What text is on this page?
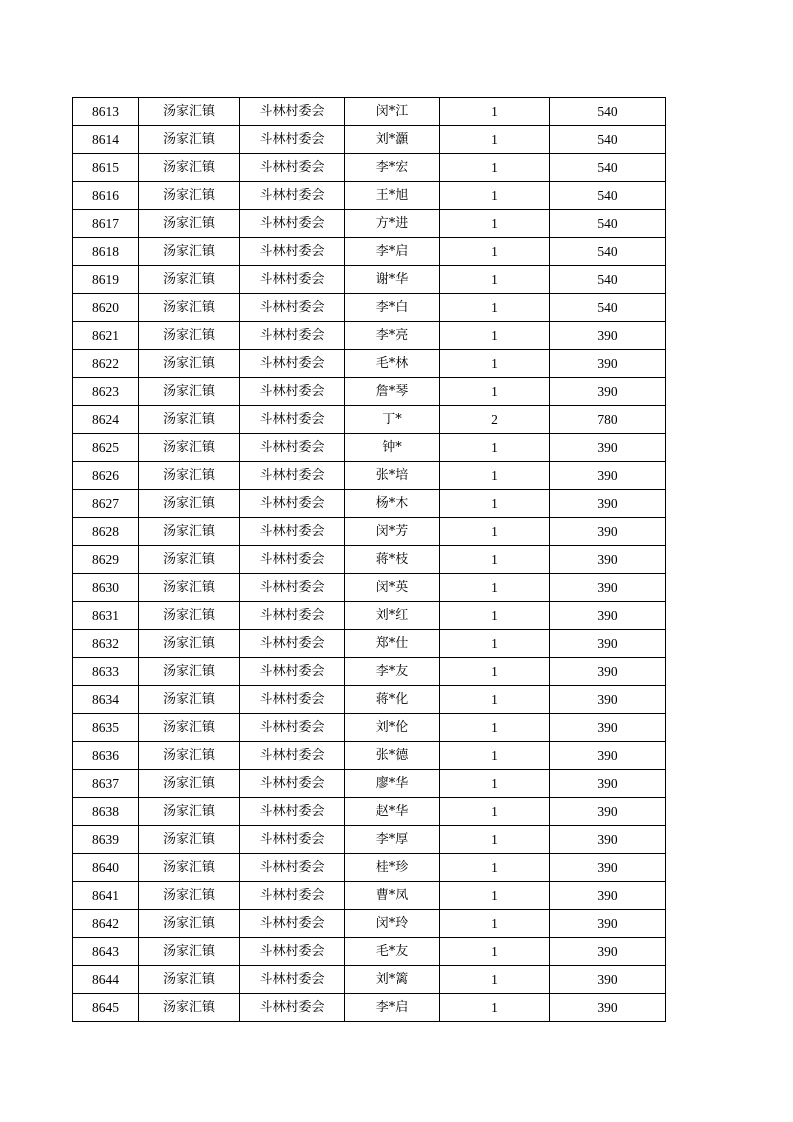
8613	汤家汇镇	斗林村委会	闵*江	1	540
8614	汤家汇镇	斗林村委会	刘*灝	1	540
8615	汤家汇镇	斗林村委会	李*宏	1	540
8616	汤家汇镇	斗林村委会	王*旭	1	540
8617	汤家汇镇	斗林村委会	方*进	1	540
8618	汤家汇镇	斗林村委会	李*启	1	540
8619	汤家汇镇	斗林村委会	谢*华	1	540
8620	汤家汇镇	斗林村委会	李*白	1	540
8621	汤家汇镇	斗林村委会	李*亮	1	390
8622	汤家汇镇	斗林村委会	毛*林	1	390
8623	汤家汇镇	斗林村委会	詹*琴	1	390
8624	汤家汇镇	斗林村委会	丁*	2	780
8625	汤家汇镇	斗林村委会	钟*	1	390
8626	汤家汇镇	斗林村委会	张*培	1	390
8627	汤家汇镇	斗林村委会	杨*木	1	390
8628	汤家汇镇	斗林村委会	闵*芳	1	390
8629	汤家汇镇	斗林村委会	蒋*枝	1	390
8630	汤家汇镇	斗林村委会	闵*英	1	390
8631	汤家汇镇	斗林村委会	刘*红	1	390
8632	汤家汇镇	斗林村委会	郑*仕	1	390
8633	汤家汇镇	斗林村委会	李*友	1	390
8634	汤家汇镇	斗林村委会	蒋*化	1	390
8635	汤家汇镇	斗林村委会	刘*伦	1	390
8636	汤家汇镇	斗林村委会	张*德	1	390
8637	汤家汇镇	斗林村委会	廖*华	1	390
8638	汤家汇镇	斗林村委会	赵*华	1	390
8639	汤家汇镇	斗林村委会	李*厚	1	390
8640	汤家汇镇	斗林村委会	桂*珍	1	390
8641	汤家汇镇	斗林村委会	曹*凤	1	390
8642	汤家汇镇	斗林村委会	闵*玲	1	390
8643	汤家汇镇	斗林村委会	毛*友	1	390
8644	汤家汇镇	斗林村委会	刘*篱	1	390
8645	汤家汇镇	斗林村委会	李*启	1	390
